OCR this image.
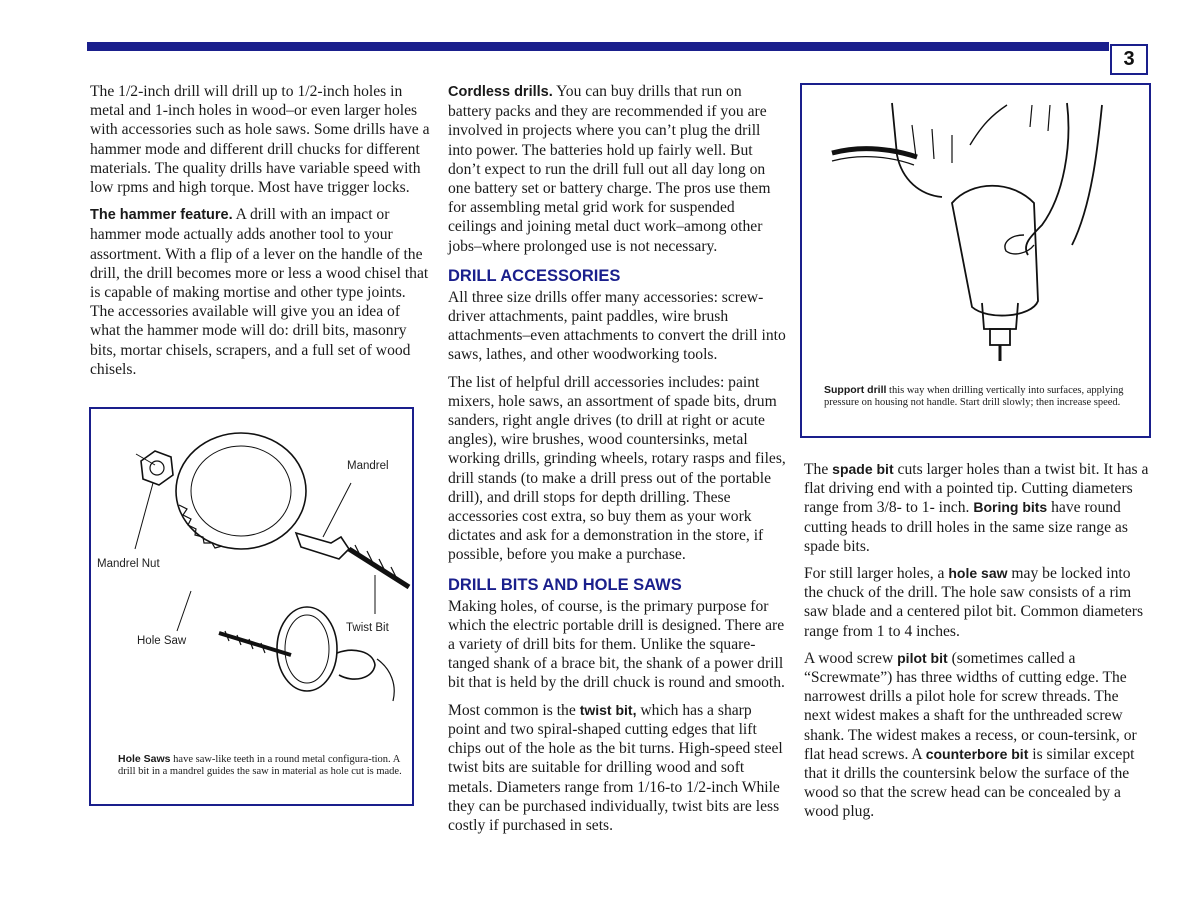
3

The 1/2-inch drill will drill up to 1/2-inch holes in metal and 1-inch holes in wood–or even larger holes with accessories such as hole saws. Some drills have a hammer mode and different drill chucks for different materials. The quality drills have variable speed with low rpms and high torque. Most have trigger locks.

The hammer feature. A drill with an impact or hammer mode actually adds another tool to your assortment. With a flip of a lever on the handle of the drill, the drill becomes more or less a wood chisel that is capable of making mortise and other type joints. The accessories available will give you an idea of what the hammer mode will do: drill bits, masonry bits, mortar chisels, scrapers, and a full set of wood chisels.

Mandrel
Mandrel Nut
Twist Bit
Hole Saw
Hole Saws have saw-like teeth in a round metal configura-tion. A drill bit in a mandrel guides the saw in material as hole cut is made.

Cordless drills. You can buy drills that run on battery packs and they are recommended if you are involved in projects where you can’t plug the drill into power. The batteries hold up fairly well. But don’t expect to run the drill full out all day long on one battery set or battery charge. The pros use them for assembling metal grid work for suspended ceilings and joining metal duct work–among other jobs–where prolonged use is not necessary.

DRILL ACCESSORIES

All three size drills offer many accessories: screw-driver attachments, paint paddles, wire brush attachments–even attachments to convert the drill into saws, lathes, and other woodworking tools.

The list of helpful drill accessories includes: paint mixers, hole saws, an assortment of spade bits, drum sanders, right angle drives (to drill at right or acute angles), wire brushes, wood countersinks, metal working drills, grinding wheels, rotary rasps and files, drill stands (to make a drill press out of the portable drill), and drill stops for depth drilling. These accessories cost extra, so buy them as your work dictates and ask for a demonstration in the store, if possible, before you make a purchase.

DRILL BITS AND HOLE SAWS

Making holes, of course, is the primary purpose for which the electric portable drill is designed. There are a variety of drill bits for them. Unlike the square-tanged shank of a brace bit, the shank of a power drill bit that is held by the drill chuck is round and smooth.

Most common is the twist bit, which has a sharp point and two spiral-shaped cutting edges that lift chips out of the hole as the bit turns. High-speed steel twist bits are suitable for drilling wood and soft metals. Diameters range from 1/16-to 1/2-inch While they can be purchased individually, twist bits are less costly if purchased in sets.

Support drill this way when drilling vertically into surfaces, applying pressure on housing not handle. Start drill slowly; then increase speed.

The spade bit cuts larger holes than a twist bit. It has a flat driving end with a pointed tip. Cutting diameters range from 3/8- to 1- inch. Boring bits have round cutting heads to drill holes in the same size range as spade bits.

For still larger holes, a hole saw may be locked into the chuck of the drill. The hole saw consists of a rim saw blade and a centered pilot bit. Common diameters range from 1 to 4 inches.

A wood screw pilot bit (sometimes called a “Screwmate”) has three widths of cutting edge. The narrowest drills a pilot hole for screw threads. The next widest makes a shaft for the unthreaded screw shank. The widest makes a recess, or coun-tersink, or flat head screws. A counterbore bit is similar except that it drills the countersink below the surface of the wood so that the screw head can be concealed by a wood plug.
